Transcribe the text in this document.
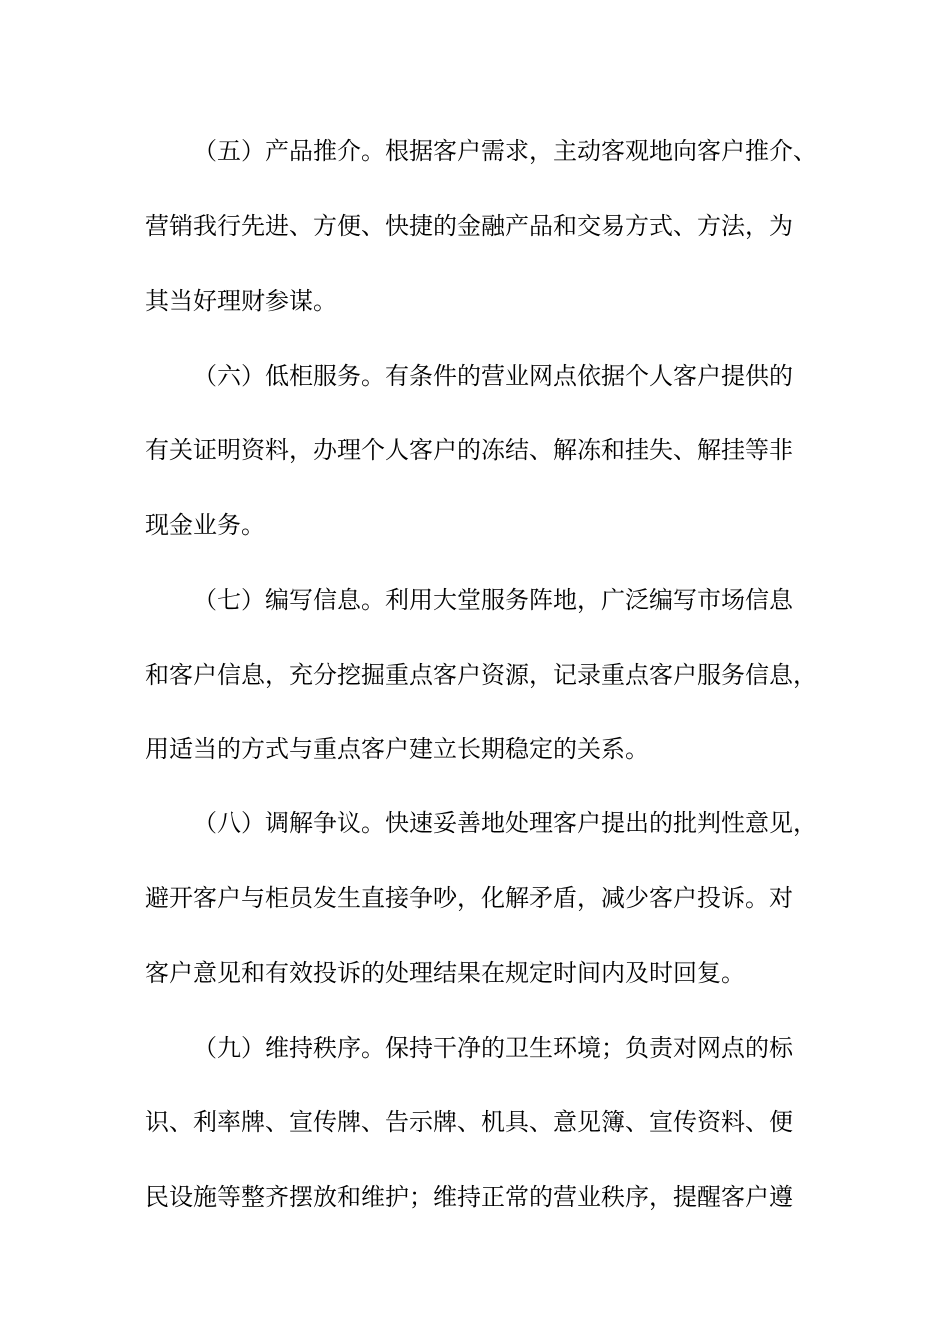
（五）产品推介。根据客户需求，主动客观地向客户推介、
营销我行先进、方便、快捷的金融产品和交易方式、方法，为
其当好理财参谋。
（六）低柜服务。有条件的营业网点依据个人客户提供的
有关证明资料，办理个人客户的冻结、解冻和挂失、解挂等非
现金业务。
（七）编写信息。利用大堂服务阵地，广泛编写市场信息
和客户信息，充分挖掘重点客户资源，记录重点客户服务信息，
用适当的方式与重点客户建立长期稳定的关系。
（八）调解争议。快速妥善地处理客户提出的批判性意见，
避开客户与柜员发生直接争吵，化解矛盾，减少客户投诉。对
客户意见和有效投诉的处理结果在规定时间内及时回复。
（九）维持秩序。保持干净的卫生环境；负责对网点的标
识、利率牌、宣传牌、告示牌、机具、意见簿、宣传资料、便
民设施等整齐摆放和维护；维持正常的营业秩序，提醒客户遵
